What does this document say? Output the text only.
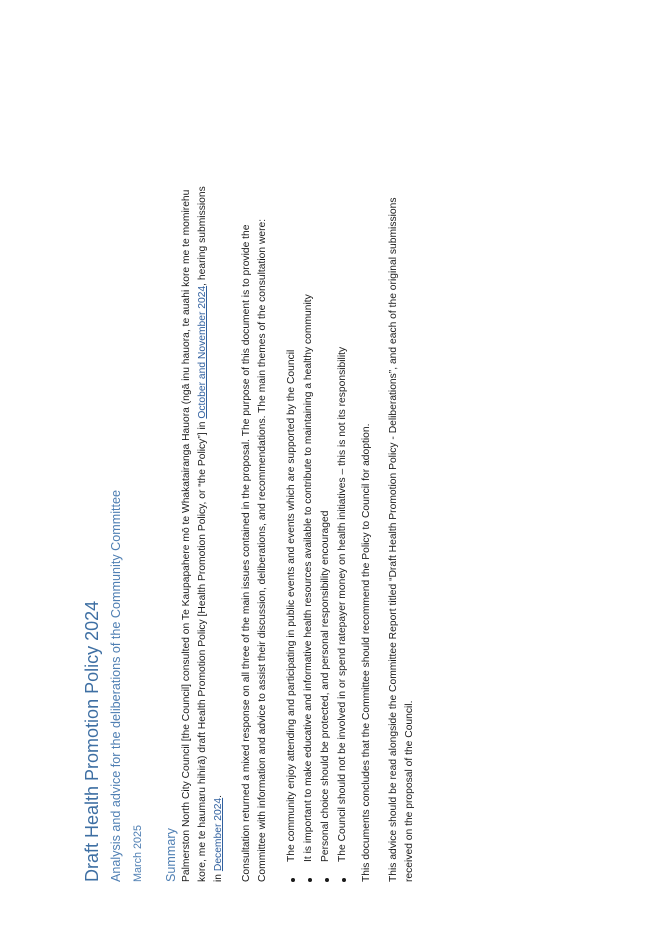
Draft Health Promotion Policy 2024 Analysis and advice for the deliberations of the Community Committee March 2025 Summary Palmerston North City Council [the Council] consulted on Te Kaupapahere mō te Whakatairanga Hauora (ngā inu hauora, te auahi kore me te momirehu kore, me te haumaru hihirā) draft Health Promotion Policy [Health Promotion Policy, or “the Policy”] in October and November 2024, hearing submissions
in December 2024. Consultation returned a mixed response on all three of the main issues contained in the proposal. The purpose of this document is to provide the Committee with information and advice to assist their discussion, deliberations, and recommendations. The main themes of the consultation were: The community enjoy attending and participating in public events and events which are supported by the Council It is important to make educative and informative health resources available to contribute to maintaining a healthy community Personal choice should be protected, and personal responsibility encouraged The Council should not be involved in or spend ratepayer money on health initiatives – this is not its responsibility This documents concludes that the Committee should recommend the Policy to Council for adoption. This advice should be read alongside the Committee Report titled “Draft Health Promotion Policy - Deliberations”, and each of the original submissions received on the proposal of the Council.
